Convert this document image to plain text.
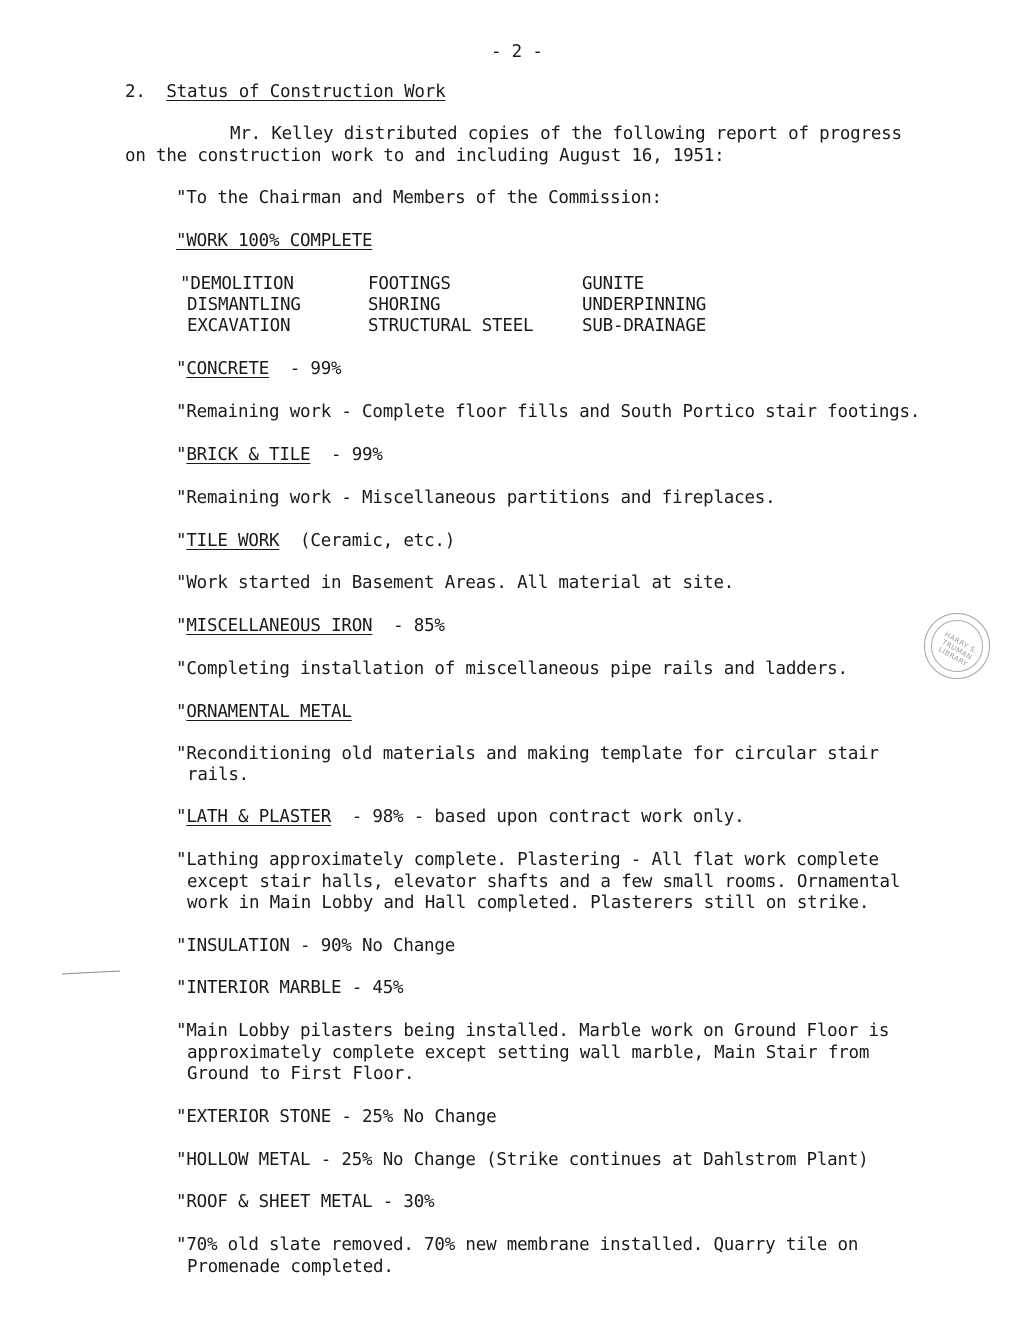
- 2 -
2. Status of Construction Work
Mr. Kelley distributed copies of the following report of progress
on the construction work to and including August 16, 1951:
"To the Chairman and Members of the Commission:
"WORK 100% COMPLETE
"DEMOLITION
DISMANTLING
EXCAVATION
FOOTINGS
SHORING
STRUCTURAL STEEL
GUNITE
UNDERPINNING
SUB-DRAINAGE
"CONCRETE - 99%
"Remaining work - Complete floor fills and South Portico stair footings.
"BRICK & TILE - 99%
"Remaining work - Miscellaneous partitions and fireplaces.
"TILE WORK (Ceramic, etc.)
"Work started in Basement Areas. All material at site.
"MISCELLANEOUS IRON - 85%
"Completing installation of miscellaneous pipe rails and ladders.
"ORNAMENTAL METAL
"Reconditioning old materials and making template for circular stair
rails.
"LATH & PLASTER - 98% - based upon contract work only.
"Lathing approximately complete. Plastering - All flat work complete
except stair halls, elevator shafts and a few small rooms. Ornamental
work in Main Lobby and Hall completed. Plasterers still on strike.
"INSULATION - 90% No Change
"INTERIOR MARBLE - 45%
"Main Lobby pilasters being installed. Marble work on Ground Floor is
approximately complete except setting wall marble, Main Stair from
Ground to First Floor.
"EXTERIOR STONE - 25% No Change
"HOLLOW METAL - 25% No Change (Strike continues at Dahlstrom Plant)
"ROOF & SHEET METAL - 30%
"70% old slate removed. 70% new membrane installed. Quarry tile on
Promenade completed.
HARRY S. TRUMAN LIBRARY
